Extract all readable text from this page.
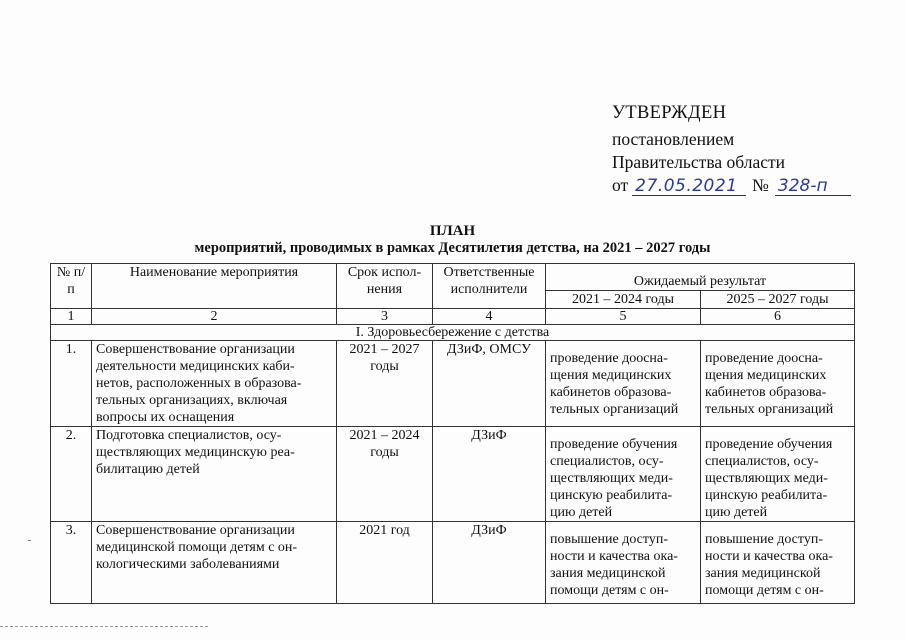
УТВЕРЖДЕН
постановлением
Правительства области
от 27.05.2021 № 328-п
ПЛАН
мероприятий, проводимых в рамках Десятилетия детства, на 2021 – 2027 годы
№ п/п	Наименование мероприятия	Срок испол- нения	Ответственные исполнители	Ожидаемый результат	
				2021 – 2024 годы	2025 – 2027 годы
1	2	3	4	5	6
I. Здоровьесбережение с детства					
1.	Совершенствование организации деятельности медицинских каби- нетов, расположенных в образова- тельных организациях, включая вопросы их оснащения	2021 – 2027 годы	ДЗиФ, ОМСУ	проведение дооcна- щения медицинских кабинетов образова- тельных организаций	проведение дооcна- щения медицинских кабинетов образова- тельных организаций
2.	Подготовка специалистов, осу- ществляющих медицинскую реа- билитацию детей	2021 – 2024 годы	ДЗиФ	проведение обучения специалистов, осу- ществляющих меди- цинскую реабилита- цию детей	проведение обучения специалистов, осу- ществляющих меди- цинскую реабилита- цию детей
3.	Совершенствование организации медицинской помощи детям с он- кологическими заболеваниями	2021 год	ДЗиФ	повышение доступ- ности и качества ока- зания медицинской помощи детям с он-	повышение доступ- ности и качества ока- зания медицинской помощи детям с он-
